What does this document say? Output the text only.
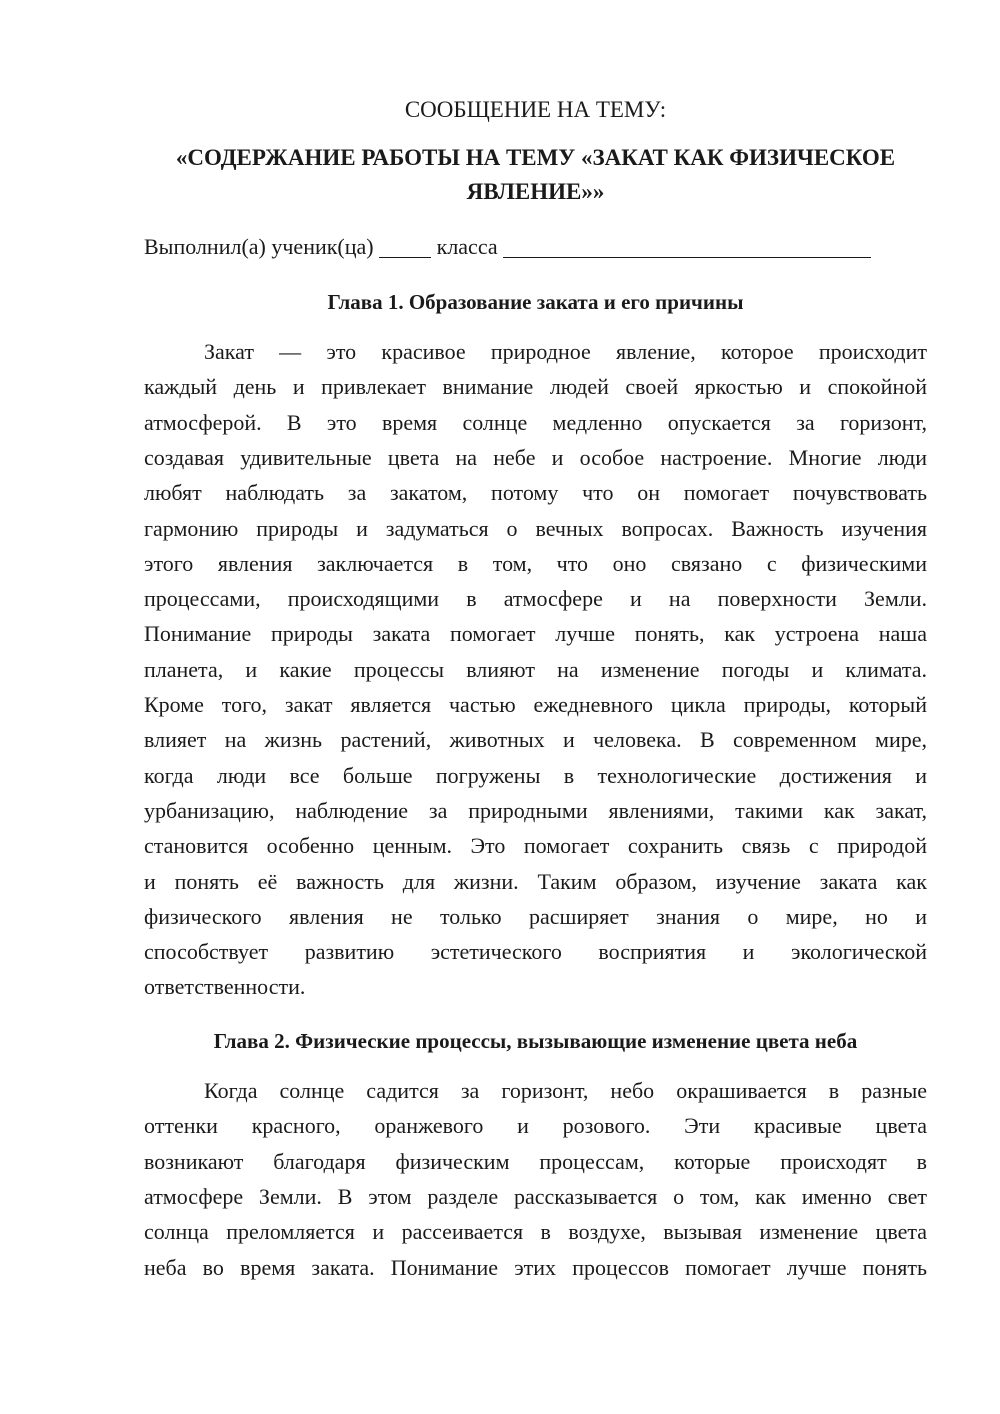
СООБЩЕНИЕ НА ТЕМУ:
«СОДЕРЖАНИЕ РАБОТЫ НА ТЕМУ «ЗАКАТ КАК ФИЗИЧЕСКОЕ
ЯВЛЕНИЕ»»
Выполнил(а) ученик(ца)	класса
Глава 1. Образование заката и его причины
Закат — это красивое природное явление, которое происходит
каждый день и привлекает внимание людей своей яркостью и спокойной
атмосферой. В это время солнце медленно опускается за горизонт,
создавая удивительные цвета на небе и особое настроение. Многие люди
любят наблюдать за закатом, потому что он помогает почувствовать
гармонию природы и задуматься о вечных вопросах. Важность изучения
этого явления заключается в том, что оно связано с физическими
процессами, происходящими в атмосфере и на поверхности Земли.
Понимание природы заката помогает лучше понять, как устроена наша
планета, и какие процессы влияют на изменение погоды и климата.
Кроме того, закат является частью ежедневного цикла природы, который
влияет на жизнь растений, животных и человека. В современном мире,
когда люди все больше погружены в технологические достижения и
урбанизацию, наблюдение за природными явлениями, такими как закат,
становится особенно ценным. Это помогает сохранить связь с природой
и понять её важность для жизни. Таким образом, изучение заката как
физического явления не только расширяет знания о мире, но и
способствует развитию эстетического восприятия и экологической
ответственности.
Глава 2. Физические процессы, вызывающие изменение цвета неба
Когда солнце садится за горизонт, небо окрашивается в разные
оттенки красного, оранжевого и розового. Эти красивые цвета
возникают благодаря физическим процессам, которые происходят в
атмосфере Земли. В этом разделе рассказывается о том, как именно свет
солнца преломляется и рассеивается в воздухе, вызывая изменение цвета
неба во время заката. Понимание этих процессов помогает лучше понять
